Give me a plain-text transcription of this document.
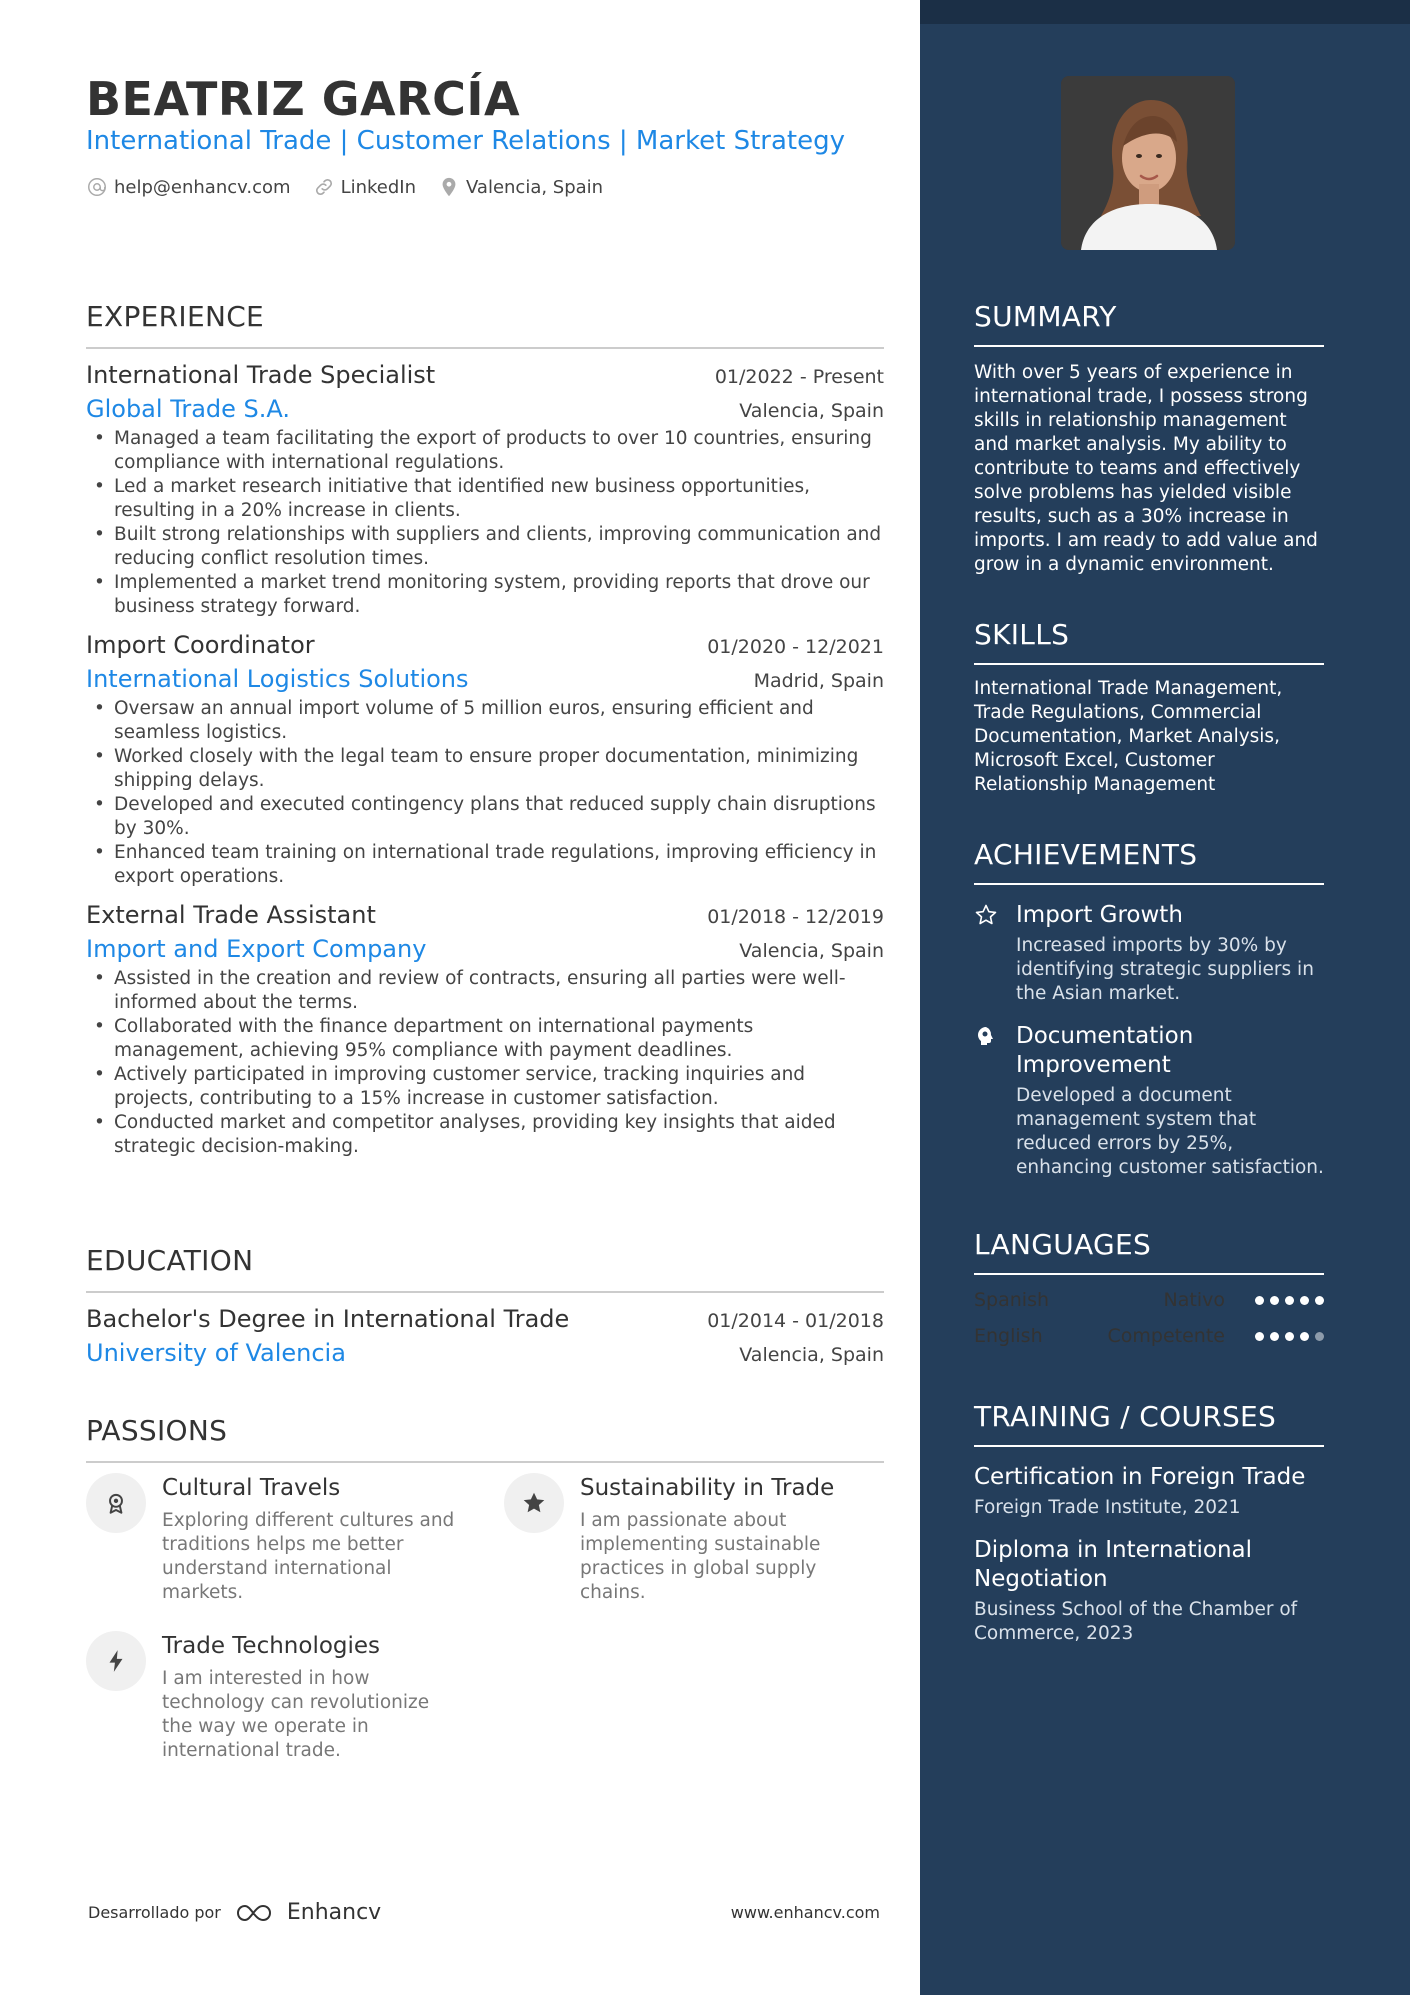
BEATRIZ GARCÍA
International Trade | Customer Relations | Market Strategy
help@enhancv.com	LinkedIn	Valencia, Spain
EXPERIENCE
International Trade Specialist	01/2022 - Present
Global Trade S.A.	Valencia, Spain
• Managed a team facilitating the export of products to over 10 countries, ensuring compliance with international regulations.
• Led a market research initiative that identified new business opportunities, resulting in a 20% increase in clients.
• Built strong relationships with suppliers and clients, improving communication and reducing conflict resolution times.
• Implemented a market trend monitoring system, providing reports that drove our business strategy forward.
Import Coordinator	01/2020 - 12/2021
International Logistics Solutions	Madrid, Spain
• Oversaw an annual import volume of 5 million euros, ensuring efficient and seamless logistics.
• Worked closely with the legal team to ensure proper documentation, minimizing shipping delays.
• Developed and executed contingency plans that reduced supply chain disruptions by 30%.
• Enhanced team training on international trade regulations, improving efficiency in export operations.
External Trade Assistant	01/2018 - 12/2019
Import and Export Company	Valencia, Spain
• Assisted in the creation and review of contracts, ensuring all parties were well-informed about the terms.
• Collaborated with the finance department on international payments management, achieving 95% compliance with payment deadlines.
• Actively participated in improving customer service, tracking inquiries and projects, contributing to a 15% increase in customer satisfaction.
• Conducted market and competitor analyses, providing key insights that aided strategic decision-making.
EDUCATION
Bachelor's Degree in International Trade	01/2014 - 01/2018
University of Valencia	Valencia, Spain
PASSIONS
Cultural Travels
Exploring different cultures and traditions helps me better understand international markets.
Sustainability in Trade
I am passionate about implementing sustainable practices in global supply chains.
Trade Technologies
I am interested in how technology can revolutionize the way we operate in international trade.
Desarrollado por	Enhancv	www.enhancv.com
SUMMARY
With over 5 years of experience in international trade, I possess strong skills in relationship management and market analysis. My ability to contribute to teams and effectively solve problems has yielded visible results, such as a 30% increase in imports. I am ready to add value and grow in a dynamic environment.
SKILLS
International Trade Management, Trade Regulations, Commercial Documentation, Market Analysis, Microsoft Excel, Customer Relationship Management
ACHIEVEMENTS
Import Growth
Increased imports by 30% by identifying strategic suppliers in the Asian market.
Documentation Improvement
Developed a document management system that reduced errors by 25%, enhancing customer satisfaction.
LANGUAGES
Spanish	Nativo
English	Competente
TRAINING / COURSES
Certification in Foreign Trade
Foreign Trade Institute, 2021
Diploma in International Negotiation
Business School of the Chamber of Commerce, 2023
